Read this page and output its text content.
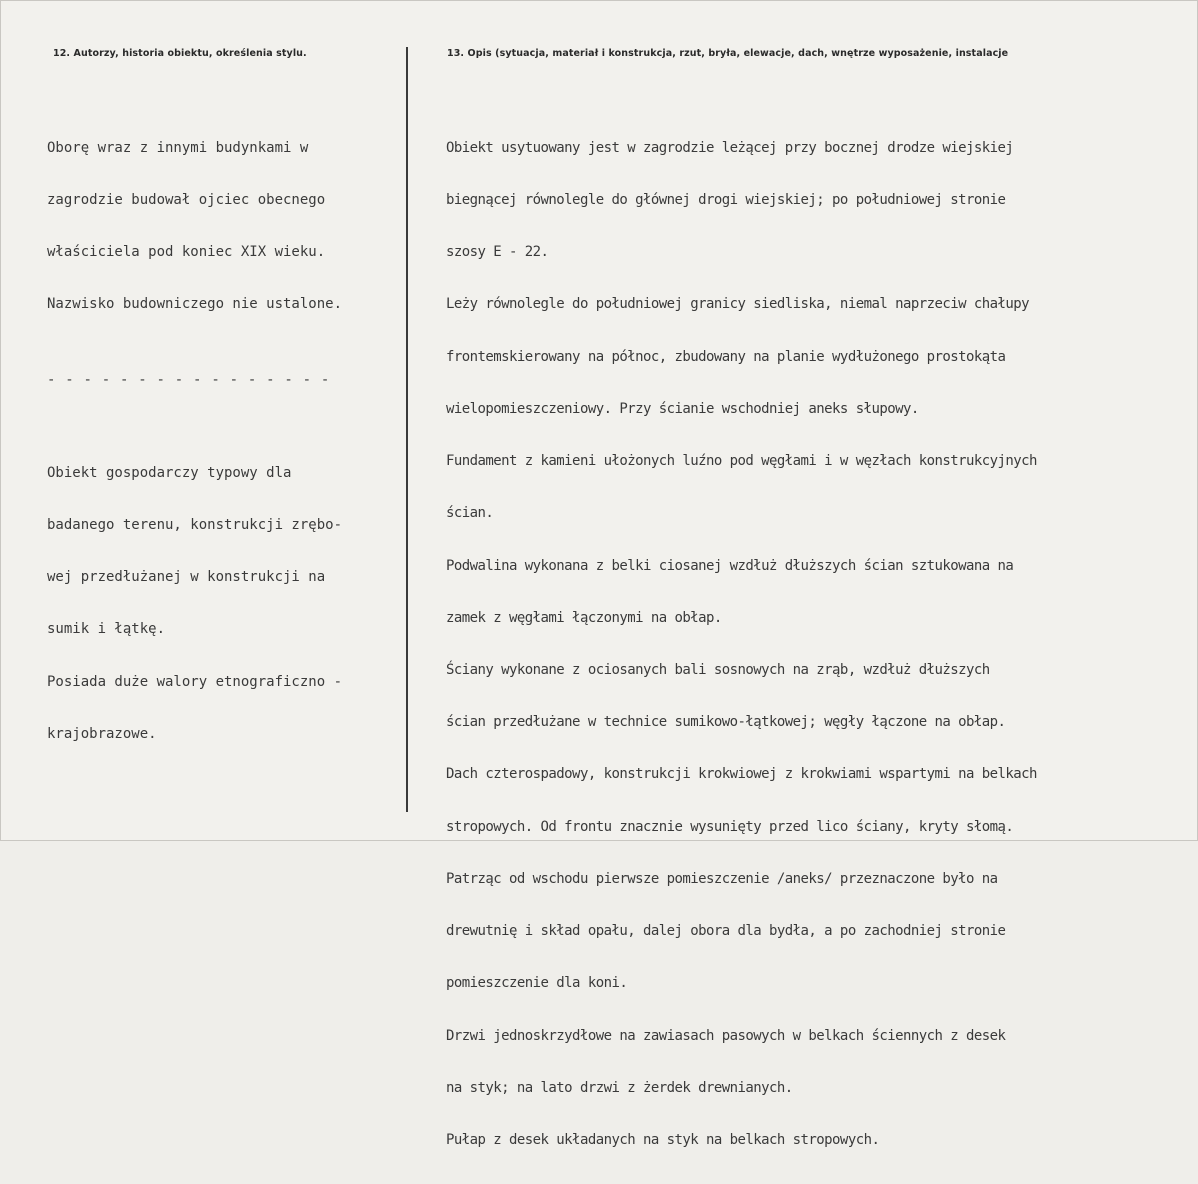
12. Autorzy, historia obiektu, określenia stylu.	13. Opis (sytuacja, materiał i konstrukcja, rzut, bryła, elewacje, dach, wnętrze wyposażenie, instalacje

Oborę wraz z innymi budynkami w

zagrodzie budował ojciec obecnego

właściciela pod koniec XIX wieku.

Nazwisko budowniczego nie ustalone.

- - - - - - - - - - - - - - - -

Obiekt gospodarczy typowy dla

badanego terenu, konstrukcji zrębo-

wej przedłużanej w konstrukcji na

sumik i łątkę.

Posiada duże walory etnograficzno -

krajobrazowe.

Obiekt usytuowany jest w zagrodzie leżącej przy bocznej drodze wiejskiej

biegnącej równolegle do głównej drogi wiejskiej; po południowej stronie

szosy E - 22.

Leży równolegle do południowej granicy siedliska, niemal naprzeciw chałupy

frontemskierowany na północ, zbudowany na planie wydłużonego prostokąta

wielopomieszczeniowy. Przy ścianie wschodniej aneks słupowy.

Fundament z kamieni ułożonych luźno pod węgłami i w węzłach konstrukcyjnych

ścian.

Podwalina wykonana z belki ciosanej wzdłuż dłuższych ścian sztukowana na

zamek z węgłami łączonymi na obłap.

Ściany wykonane z ociosanych bali sosnowych na zrąb, wzdłuż dłuższych

ścian przedłużane w technice sumikowo-łątkowej; węgły łączone na obłap.

Dach czterospadowy, konstrukcji krokwiowej z krokwiami wspartymi na belkach

stropowych. Od frontu znacznie wysunięty przed lico ściany, kryty słomą.

Patrząc od wschodu pierwsze pomieszczenie /aneks/ przeznaczone było na

drewutnię i skład opału, dalej obora dla bydła, a po zachodniej stronie

pomieszczenie dla koni.

Drzwi jednoskrzydłowe na zawiasach pasowych w belkach ściennych z desek

na styk; na lato drzwi z żerdek drewnianych.

Pułap z desek układanych na styk na belkach stropowych.
